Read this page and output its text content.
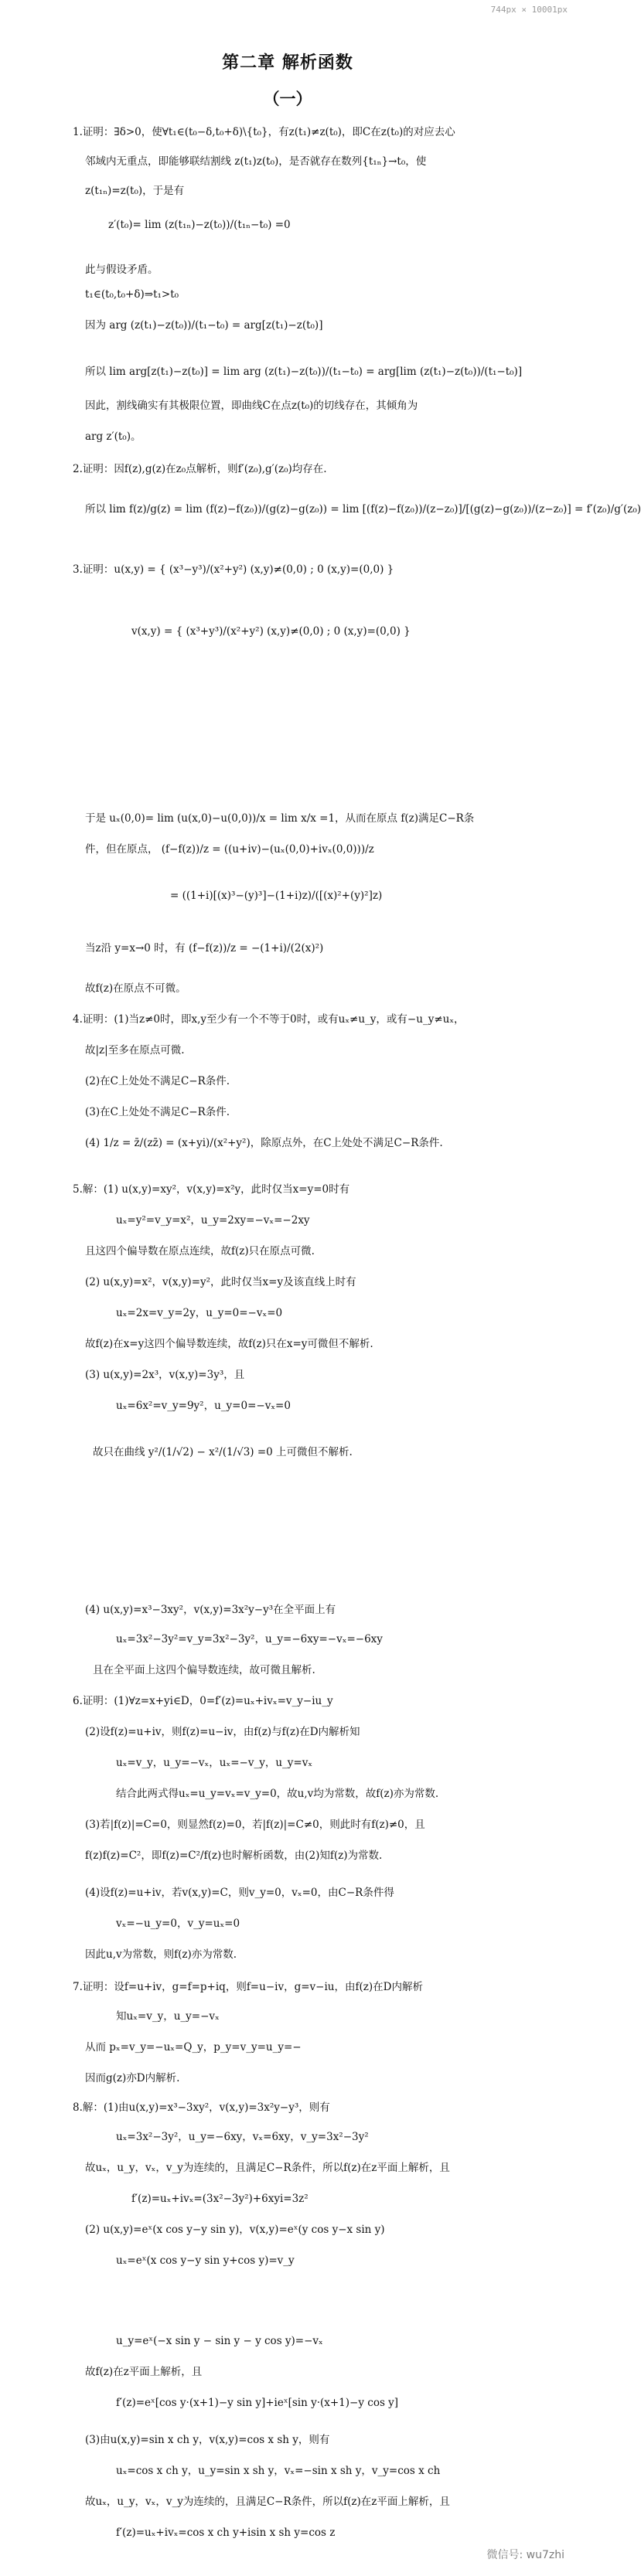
744px × 10001px
第二章 解析函数
（一）
1.证明：∃δ>0，使∀t₁∈(t₀−δ,t₀+δ)\{t₀}，有z(t₁)≠z(t₀)，即C在z(t₀)的对应去心
邻域内无重点，即能够联结割线 z(t₁)z(t₀)，是否就存在数列{t₁ₙ}→t₀，使
z(t₁ₙ)=z(t₀)，于是有
z′(t₀)= lim (z(t₁ₙ)−z(t₀))/(t₁ₙ−t₀) =0
此与假设矛盾。
t₁∈(t₀,t₀+δ)⇒t₁>t₀
因为 arg (z(t₁)−z(t₀))/(t₁−t₀) = arg[z(t₁)−z(t₀)]
所以 lim arg[z(t₁)−z(t₀)] = lim arg (z(t₁)−z(t₀))/(t₁−t₀) = arg[lim (z(t₁)−z(t₀))/(t₁−t₀)]
因此，割线确实有其极限位置，即曲线C在点z(t₀)的切线存在，其倾角为
arg z′(t₀)。
2.证明：因f(z),g(z)在z₀点解析，则f′(z₀),g′(z₀)均存在.
所以 lim f(z)/g(z) = lim (f(z)−f(z₀))/(g(z)−g(z₀)) = lim [(f(z)−f(z₀))/(z−z₀)]/[(g(z)−g(z₀))/(z−z₀)] = f′(z₀)/g′(z₀)
3.证明：u(x,y) = { (x³−y³)/(x²+y²) (x,y)≠(0,0) ; 0 (x,y)=(0,0) }
v(x,y) = { (x³+y³)/(x²+y²) (x,y)≠(0,0) ; 0 (x,y)=(0,0) }
于是 uₓ(0,0)= lim (u(x,0)−u(0,0))/x = lim x/x =1，从而在原点 f(z)满足C−R条
件，但在原点， (f−f(z))/z = ((u+iv)−(uₓ(0,0)+ivₓ(0,0)))/z
= ((1+i)[(x)³−(y)³]−(1+i)z)/([(x)²+(y)²]z)
当z沿 y=x→0 时，有 (f−f(z))/z = −(1+i)/(2(x)²)
故f(z)在原点不可微。
4.证明：(1)当z≠0时，即x,y至少有一个不等于0时，或有uₓ≠u_y，或有−u_y≠uₓ，
故|z|至多在原点可微.
(2)在C上处处不满足C−R条件.
(3)在C上处处不满足C−R条件.
(4) 1/z = z̄/(zz̄) = (x+yi)/(x²+y²)，除原点外，在C上处处不满足C−R条件.
5.解：(1) u(x,y)=xy²，v(x,y)=x²y，此时仅当x=y=0时有
uₓ=y²=v_y=x²，u_y=2xy=−vₓ=−2xy
且这四个偏导数在原点连续，故f(z)只在原点可微.
(2) u(x,y)=x²，v(x,y)=y²，此时仅当x=y及该直线上时有
uₓ=2x=v_y=2y，u_y=0=−vₓ=0
故f(z)在x=y这四个偏导数连续，故f(z)只在x=y可微但不解析.
(3) u(x,y)=2x³，v(x,y)=3y³，且
uₓ=6x²=v_y=9y²，u_y=0=−vₓ=0
故只在曲线 y²/(1/√2) − x²/(1/√3) =0 上可微但不解析.
(4) u(x,y)=x³−3xy²，v(x,y)=3x²y−y³在全平面上有
uₓ=3x²−3y²=v_y=3x²−3y²，u_y=−6xy=−vₓ=−6xy
且在全平面上这四个偏导数连续，故可微且解析.
6.证明：(1)∀z=x+yi∈D，0=f′(z)=uₓ+ivₓ=v_y−iu_y
(2)设f(z)=u+iv，则f(z)=u−iv，由f(z)与f(z)在D内解析知
uₓ=v_y，u_y=−vₓ，uₓ=−v_y，u_y=vₓ
结合此两式得uₓ=u_y=vₓ=v_y=0，故u,v均为常数，故f(z)亦为常数.
(3)若|f(z)|=C=0，则显然f(z)=0，若|f(z)|=C≠0，则此时有f(z)≠0，且
f(z)f(z)=C²，即f(z)=C²/f(z)也时解析函数，由(2)知f(z)为常数.
(4)设f(z)=u+iv，若v(x,y)=C，则v_y=0，vₓ=0，由C−R条件得
vₓ=−u_y=0，v_y=uₓ=0
因此u,v为常数，则f(z)亦为常数.
7.证明：设f=u+iv，g=f=p+iq，则f=u−iv，g=v−iu，由f(z)在D内解析
知uₓ=v_y，u_y=−vₓ
从而 pₓ=v_y=−uₓ=Q_y，p_y=v_y=u_y=−
因而g(z)亦D内解析.
8.解：(1)由u(x,y)=x³−3xy²，v(x,y)=3x²y−y³，则有
uₓ=3x²−3y²，u_y=−6xy，vₓ=6xy，v_y=3x²−3y²
故uₓ，u_y，vₓ，v_y为连续的，且满足C−R条件，所以f(z)在z平面上解析，且
f′(z)=uₓ+ivₓ=(3x²−3y²)+6xyi=3z²
(2) u(x,y)=eˣ(x cos y−y sin y)，v(x,y)=eˣ(y cos y−x sin y)
uₓ=eˣ(x cos y−y sin y+cos y)=v_y
u_y=eˣ(−x sin y − sin y − y cos y)=−vₓ
故f(z)在z平面上解析，且
f′(z)=eˣ[cos y·(x+1)−y sin y]+ieˣ[sin y·(x+1)−y cos y]
(3)由u(x,y)=sin x ch y，v(x,y)=cos x sh y，则有
uₓ=cos x ch y，u_y=sin x sh y，vₓ=−sin x sh y，v_y=cos x ch
故uₓ，u_y，vₓ，v_y为连续的，且满足C−R条件，所以f(z)在z平面上解析，且
f′(z)=uₓ+ivₓ=cos x ch y+isin x sh y=cos z
微信号: wu7zhi
